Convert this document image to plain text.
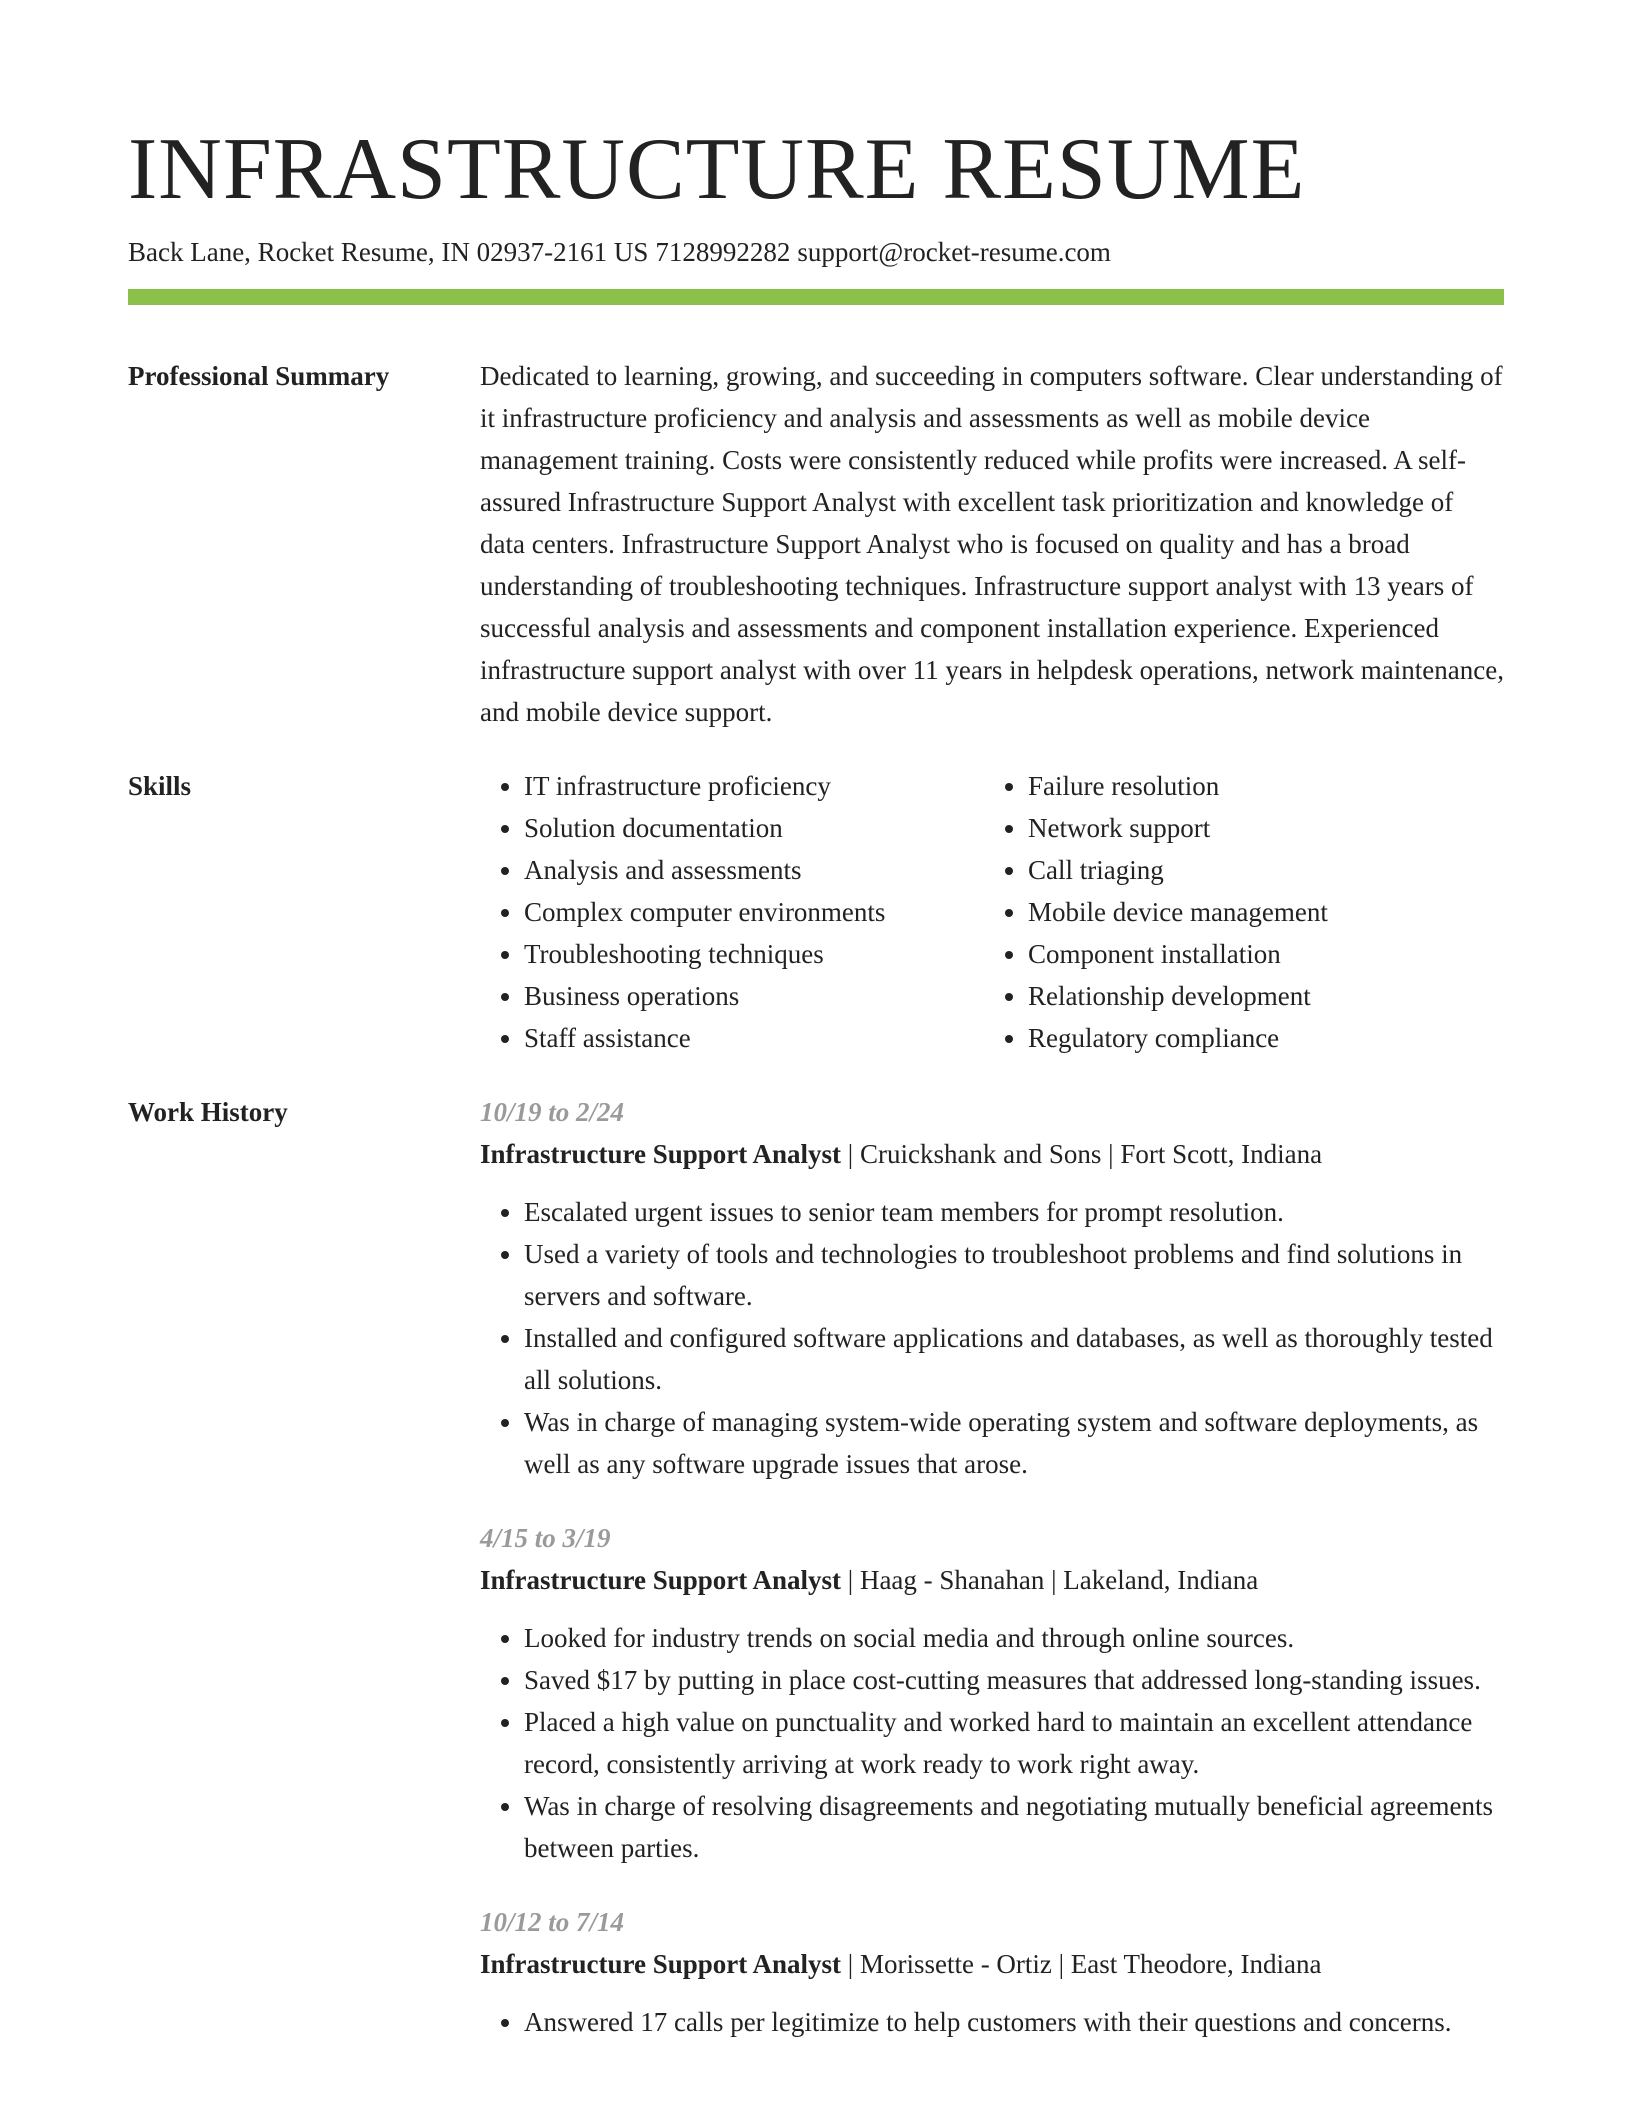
INFRASTRUCTURE RESUME
Back Lane, Rocket Resume, IN 02937-2161 US 7128992282 support@rocket-resume.com
Professional Summary	Dedicated to learning, growing, and succeeding in computers software. Clear understanding of it infrastructure proficiency and analysis and assessments as well as mobile device management training. Costs were consistently reduced while profits were increased. A self-assured Infrastructure Support Analyst with excellent task prioritization and knowledge of data centers. Infrastructure Support Analyst who is focused on quality and has a broad understanding of troubleshooting techniques. Infrastructure support analyst with 13 years of successful analysis and assessments and component installation experience. Experienced infrastructure support analyst with over 11 years in helpdesk operations, network maintenance, and mobile device support.

Skills
•	IT infrastructure proficiency
• Solution documentation
• Analysis and assessments
• Complex computer environments
• Troubleshooting techniques
• Business operations
• Staff assistance
• Failure resolution
• Network support
• Call triaging
• Mobile device management
• Component installation
• Relationship development
• Regulatory compliance
Work History	10/19 to 2/24
Infrastructure Support Analyst | Cruickshank and Sons | Fort Scott, Indiana
• Escalated urgent issues to senior team members for prompt resolution.
• Used a variety of tools and technologies to troubleshoot problems and find solutions in servers and software.
• Installed and configured software applications and databases, as well as thoroughly tested all solutions.
• Was in charge of managing system-wide operating system and software deployments, as well as any software upgrade issues that arose.
4/15 to 3/19
Infrastructure Support Analyst | Haag - Shanahan | Lakeland, Indiana
• Looked for industry trends on social media and through online sources.
• Saved $17 by putting in place cost-cutting measures that addressed long-standing issues.
• Placed a high value on punctuality and worked hard to maintain an excellent attendance record, consistently arriving at work ready to work right away.
• Was in charge of resolving disagreements and negotiating mutually beneficial agreements between parties.
10/12 to 7/14
Infrastructure Support Analyst | Morissette - Ortiz | East Theodore, Indiana
• Answered 17 calls per legitimize to help customers with their questions and concerns.
